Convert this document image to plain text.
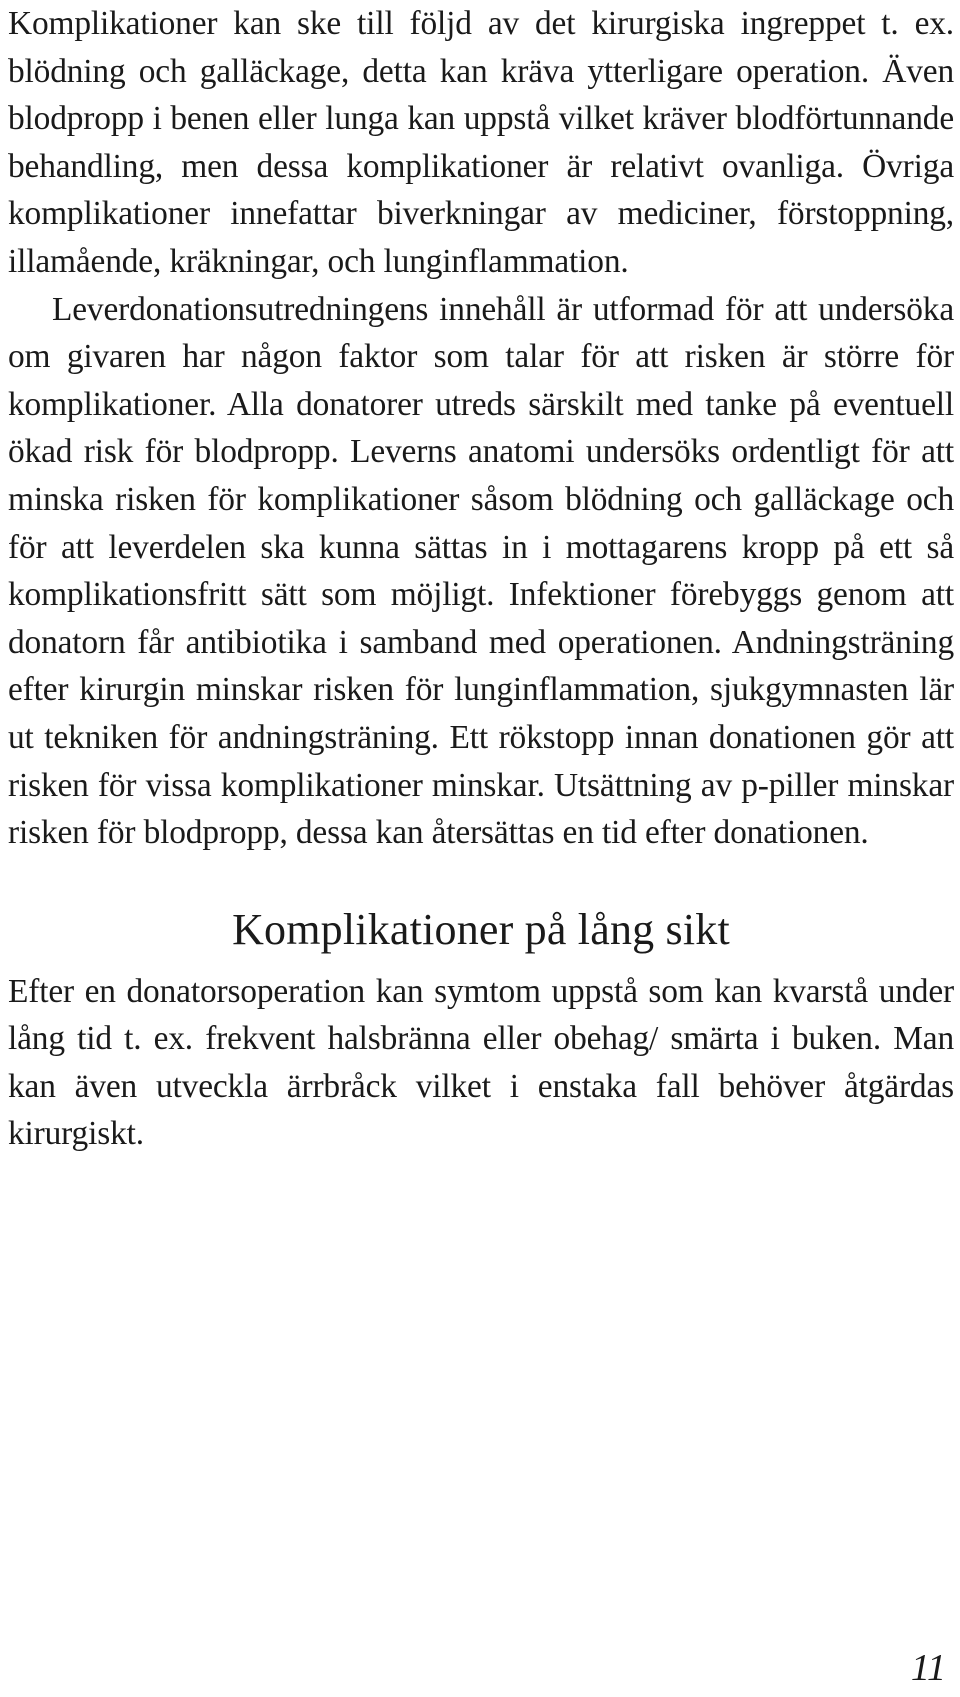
Komplikationer kan ske till följd av det kirurgiska ingreppet t. ex. blödning och galläckage, detta kan kräva ytterligare operation. Även blodpropp i benen eller lunga kan uppstå vilket kräver blodförtunnande behandling, men dessa komplikationer är relativt ovanliga. Övriga komplikationer innefattar biverkningar av mediciner, förstoppning, illamående, kräkningar, och lunginflammation.

Leverdonationsutredningens innehåll är utformad för att undersöka om givaren har någon faktor som talar för att risken är större för komplikationer. Alla donatorer utreds särskilt med tanke på eventuell ökad risk för blodpropp. Leverns anatomi undersöks ordentligt för att minska risken för komplikationer såsom blödning och galläckage och för att leverdelen ska kunna sättas in i mottagarens kropp på ett så komplikationsfritt sätt som möjligt. Infektioner förebyggs genom att donatorn får antibiotika i samband med operationen. Andningsträning efter kirurgin minskar risken för lunginflammation, sjukgymnasten lär ut tekniken för andningsträning. Ett rökstopp innan donationen gör att risken för vissa komplikationer minskar. Utsättning av p-piller minskar risken för blodpropp, dessa kan återsättas en tid efter donationen.

Komplikationer på lång sikt

Efter en donatorsoperation kan symtom uppstå som kan kvarstå under lång tid t. ex. frekvent halsbränna eller obehag/ smärta i buken. Man kan även utveckla ärrbråck vilket i enstaka fall behöver åtgärdas kirurgiskt.

11
